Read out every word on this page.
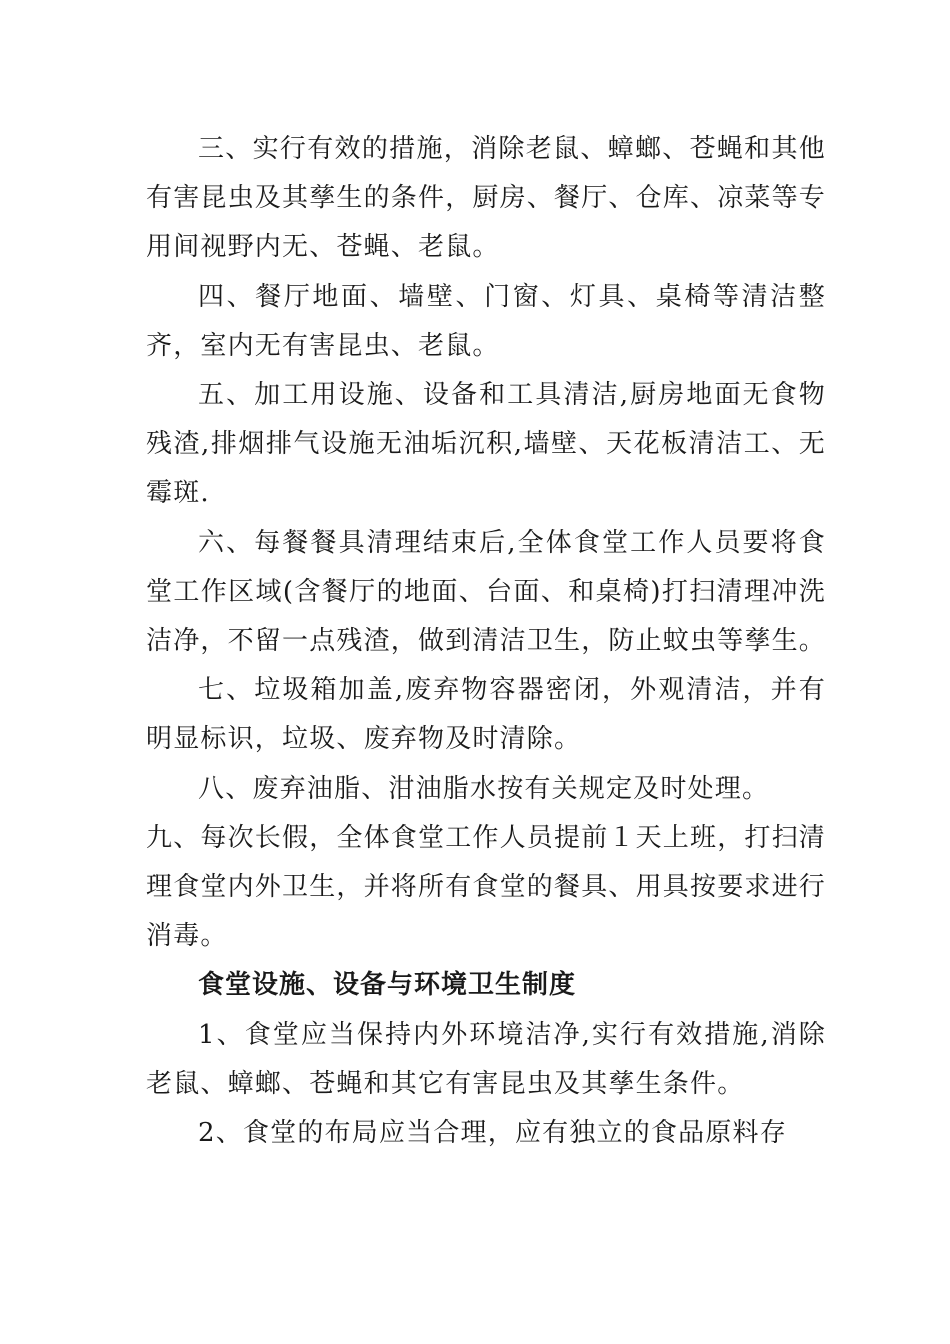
三、实行有效的措施，消除老鼠、蟑螂、苍蝇和其他有害昆虫及其孳生的条件，厨房、餐厅、仓库、凉菜等专用间视野内无、苍蝇、老鼠。

四、餐厅地面、墙壁、门窗、灯具、桌椅等清洁整齐，室内无有害昆虫、老鼠。

五、加工用设施、设备和工具清洁,厨房地面无食物残渣,排烟排气设施无油垢沉积,墙壁、天花板清洁工、无霉斑.

六、每餐餐具清理结束后,全体食堂工作人员要将食堂工作区域(含餐厅的地面、台面、和桌椅)打扫清理冲洗洁净，不留一点残渣，做到清洁卫生，防止蚊虫等孳生。

七、垃圾箱加盖,废弃物容器密闭，外观清洁，并有明显标识，垃圾、废弃物及时清除。

八、废弃油脂、泔油脂水按有关规定及时处理。

九、每次长假，全体食堂工作人员提前１天上班，打扫清理食堂内外卫生，并将所有食堂的餐具、用具按要求进行消毒。

食堂设施、设备与环境卫生制度

1、食堂应当保持内外环境洁净,实行有效措施,消除老鼠、蟑螂、苍蝇和其它有害昆虫及其孳生条件。

2、食堂的布局应当合理，应有独立的食品原料存
